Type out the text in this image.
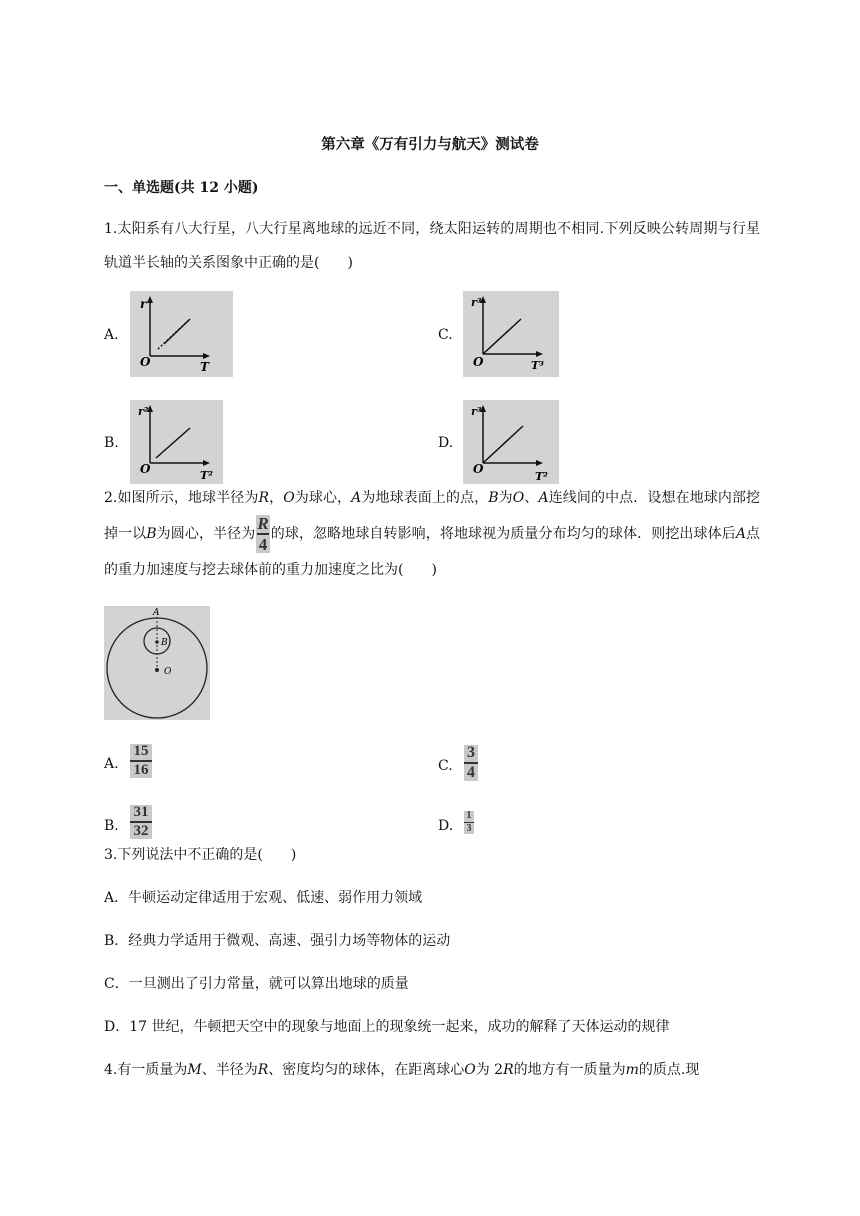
第六章《万有引力与航天》测试卷
一、单选题(共 12 小题)
1.太阳系有八大行星，八大行星离地球的远近不同，绕太阳运转的周期也不相同.下列反映公转周期与行星轨道半长轴的关系图象中正确的是(　　)
A.
r
O	T
C.
r³
O	T³
B.
r²
O	T²
D.
r³
O
T²
2.如图所示，地球半径为R，O为球心，A为地球表面上的点，B为O、A连线间的中点．设想在地球内部挖掉一以B为圆心，半径为 $\frac{R}{4}$ 的球，忽略地球自转影响，将地球视为质量分布均匀的球体．则挖出球体后A点的重力加速度与挖去球体前的重力加速度之比为(　　)
A
B
O
A.
15
16	C.
3
4
B.
31
32	D.
1
3
3.下列说法中不正确的是(　　)
A．牛顿运动定律适用于宏观、低速、弱作用力领域
B．经典力学适用于微观、高速、强引力场等物体的运动
C．一旦测出了引力常量，就可以算出地球的质量
D．17 世纪，牛顿把天空中的现象与地面上的现象统一起来，成功的解释了天体运动的规律
4.有一质量为M、半径为R、密度均匀的球体，在距离球心O为 2R的地方有一质量为m的质点.现
